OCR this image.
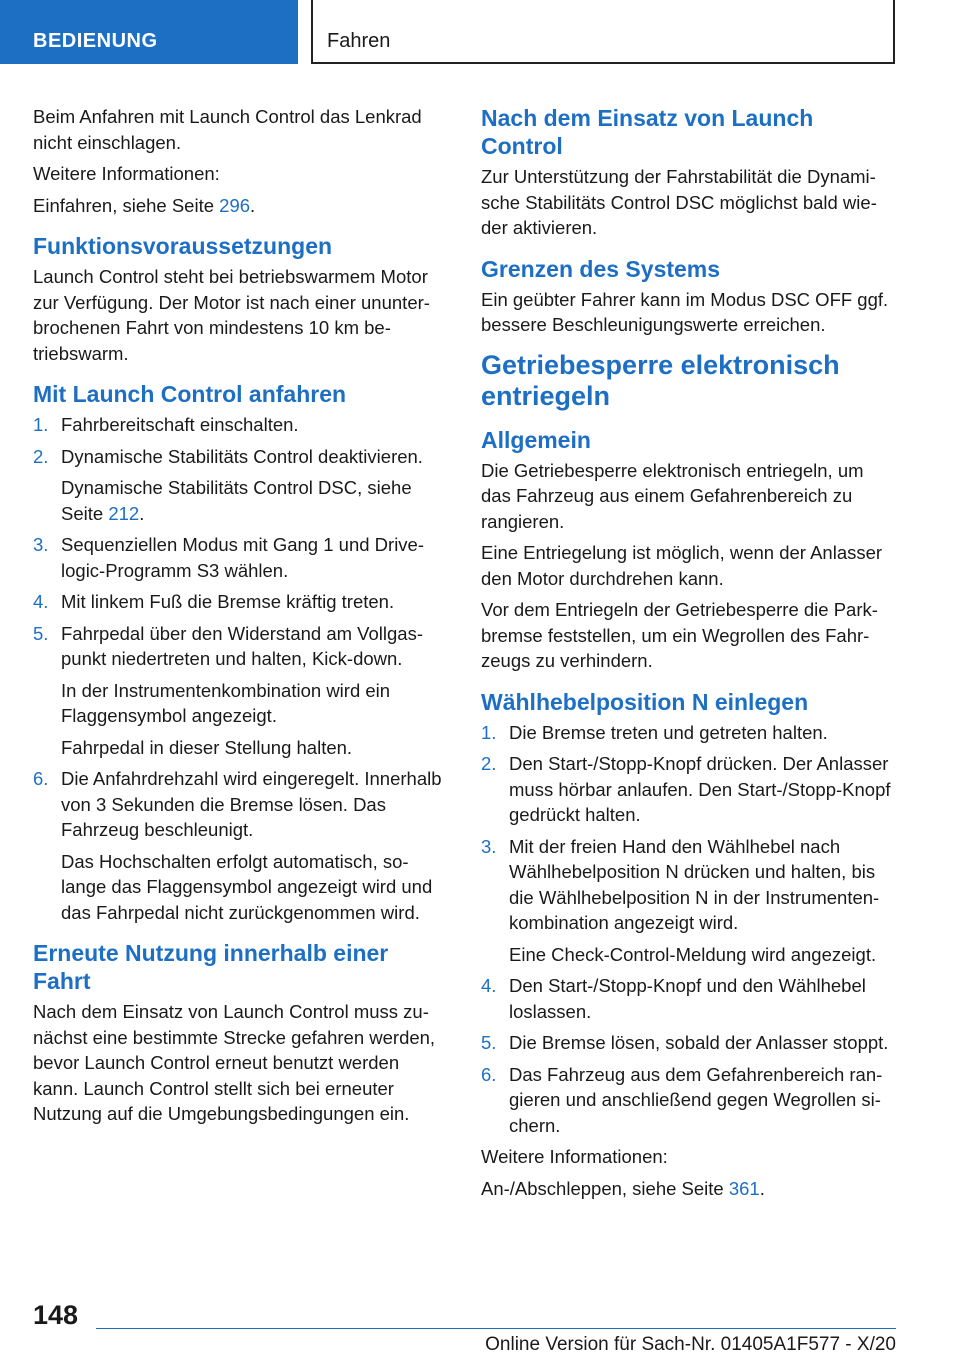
BEDIENUNG	Fahren

Beim Anfahren mit Launch Control das Lenkrad nicht einschlagen.

Weitere Informationen:

Einfahren, siehe Seite 296.

Funktionsvoraussetzungen

Launch Control steht bei betriebswarmem Motor zur Verfügung. Der Motor ist nach einer ununterbrochenen Fahrt von mindestens 10 km betriebswarm.

Mit Launch Control anfahren
1. Fahrbereitschaft einschalten.
2. Dynamische Stabilitäts Control deaktivieren.
Dynamische Stabilitäts Control DSC, siehe Seite 212.
3. Sequenziellen Modus mit Gang 1 und Drivelogic-Programm S3 wählen.
4. Mit linkem Fuß die Bremse kräftig treten.
5. Fahrpedal über den Widerstand am Vollgaspunkt niedertreten und halten, Kick-down.
In der Instrumentenkombination wird ein Flaggensymbol angezeigt.
Fahrpedal in dieser Stellung halten.
6. Die Anfahrdrehzahl wird eingeregelt. Innerhalb von 3 Sekunden die Bremse lösen. Das Fahrzeug beschleunigt.
Das Hochschalten erfolgt automatisch, solange das Flaggensymbol angezeigt wird und das Fahrpedal nicht zurückgenommen wird.
Erneute Nutzung innerhalb einer Fahrt

Nach dem Einsatz von Launch Control muss zunächst eine bestimmte Strecke gefahren werden, bevor Launch Control erneut benutzt werden kann. Launch Control stellt sich bei erneuter Nutzung auf die Umgebungsbedingungen ein.

Nach dem Einsatz von Launch Control

Zur Unterstützung der Fahrstabilität die Dynamische Stabilitäts Control DSC möglichst bald wieder aktivieren.

Grenzen des Systems

Ein geübter Fahrer kann im Modus DSC OFF ggf. bessere Beschleunigungswerte erreichen.

Getriebesperre elektronisch entriegeln
Allgemein

Die Getriebesperre elektronisch entriegeln, um das Fahrzeug aus einem Gefahrenbereich zu rangieren.

Eine Entriegelung ist möglich, wenn der Anlasser den Motor durchdrehen kann.

Vor dem Entriegeln der Getriebesperre die Parkbremse feststellen, um ein Wegrollen des Fahrzeugs zu verhindern.

Wählhebelposition N einlegen
1. Die Bremse treten und getreten halten.
2. Den Start-/Stopp-Knopf drücken. Der Anlasser muss hörbar anlaufen. Den Start-/Stopp-Knopf gedrückt halten.
3. Mit der freien Hand den Wählhebel nach Wählhebelposition N drücken und halten, bis die Wählhebelposition N in der Instrumentenkombination angezeigt wird.
Eine Check-Control-Meldung wird angezeigt.
4. Den Start-/Stopp-Knopf und den Wählhebel loslassen.
5. Die Bremse lösen, sobald der Anlasser stoppt.
6. Das Fahrzeug aus dem Gefahrenbereich rangieren und anschließend gegen Wegrollen sichern.

Weitere Informationen:

An-/Abschleppen, siehe Seite 361.

148
Online Version für Sach-Nr. 01405A1F577 - X/20
